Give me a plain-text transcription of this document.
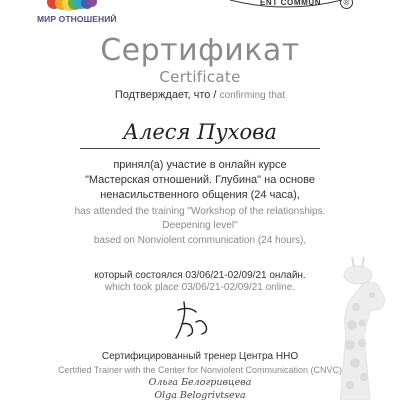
МИР ОТНОШЕНИЙ
ENT COMMUN	®
Сертификат
Certificate
Подтверждает, что / confirming that
Алеся Пухова
принял(а) участие в онлайн курсе
"Мастерская отношений. Глубина" на основе
ненасильственного общения (24 часа),
has attended the training "Workshop of the relationships.
Deepening level"
based on Nonviolent communication (24 hours),
который состоялся 03/06/21-02/09/21 онлайн.
which took place 03/06/21-02/09/21 online.
Сертифицированный тренер Центра ННО
Certified Trainer with the Center for Nonviolent Communication (CNVC)
Ольга Белогривцева
Olga Belogrivtseva
